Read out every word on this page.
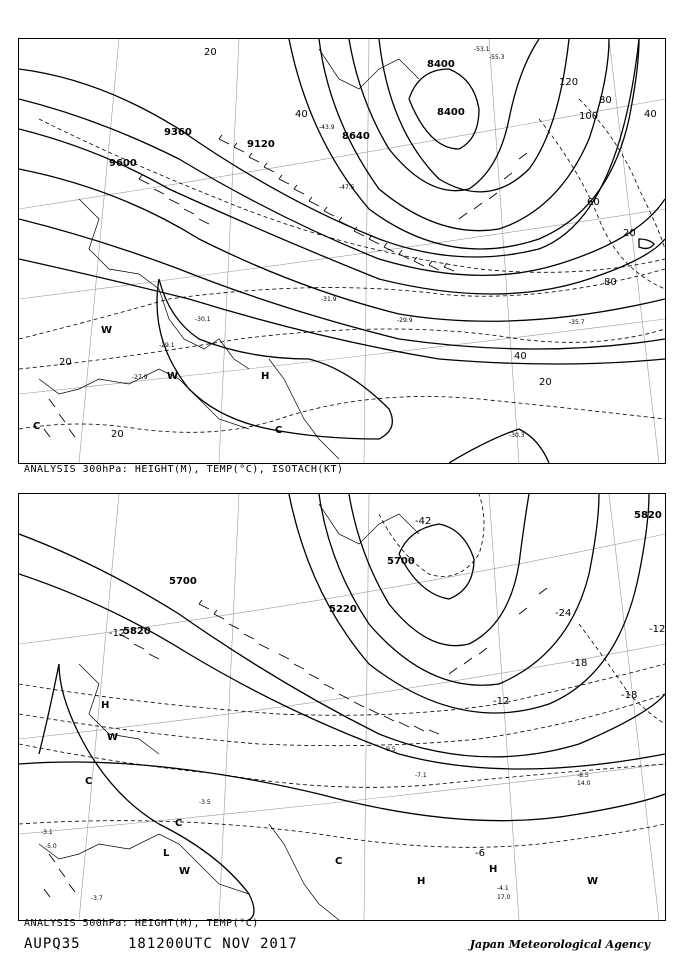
-53.1
-55.3
-43.9
-47.5
-29.9
-31.9
-35.7
-30.3
-27.9
-29.1
-30.1
9600
9360
9120
8640
8400
8400
20
40
80
100
120
20
40
60
80
40
20
20
20
H
C	C
W
W
ANALYSIS 300hPa: HEIGHT(M), TEMP(°C), ISOTACH(KT)
-9.5
-7.1	-8.5
14.0
-4.1
17.0
-3.7
-3.5
-3.1
-5.0
5820
5700
5820
5700
5220
-42
-12
-18
-24
-18
-12
-6
-12
H
H
H
L
C
C
C
W
W
W
ANALYSIS 500hPa: HEIGHT(M), TEMP(°C)
AUPQ35	181200UTC NOV 2017	Japan Meteorological Agency
